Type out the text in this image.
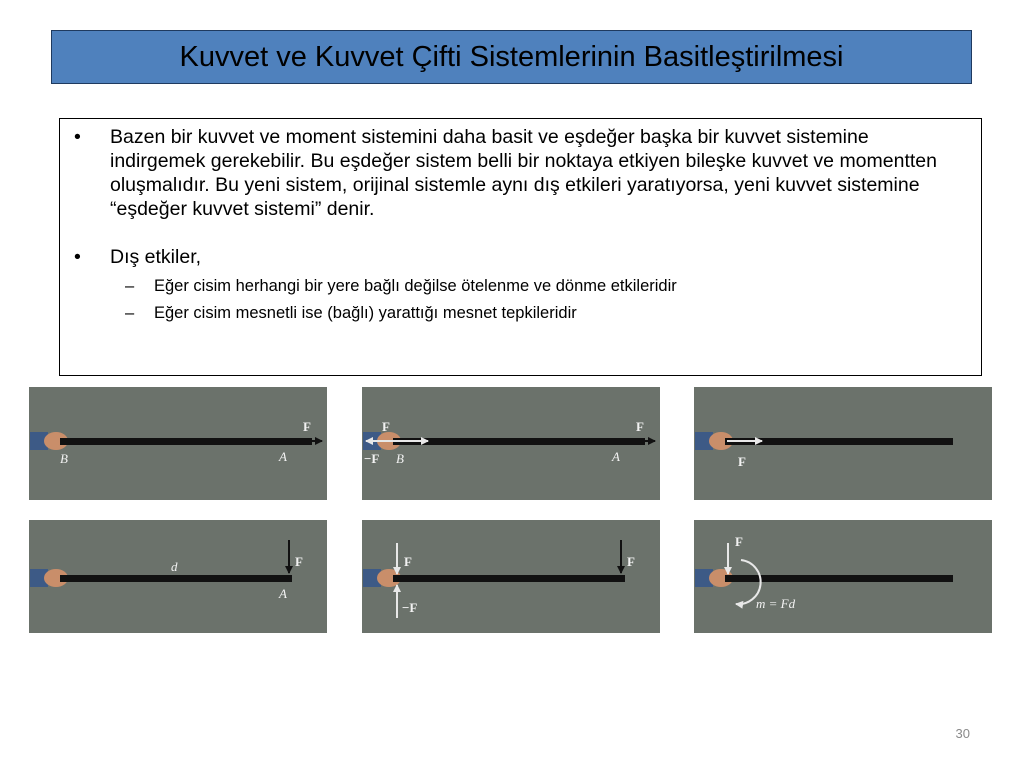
Kuvvet ve Kuvvet Çifti Sistemlerinin Basitleştirilmesi
•	Bazen bir kuvvet ve moment sistemini daha basit ve eşdeğer başka bir kuvvet sistemine indirgemek gerekebilir. Bu eşdeğer sistem belli bir noktaya etkiyen bileşke kuvvet ve momentten oluşmalıdır. Bu yeni sistem, orijinal sistemle aynı dış etkileri yaratıyorsa, yeni kuvvet sistemine “eşdeğer kuvvet sistemi” denir.
•	Dış etkiler,
– Eğer cisim herhangi bir yere bağlı değilse ötelenme ve dönme etkileridir
– Eğer cisim mesnetli ise (bağlı) yarattığı mesnet tepkileridir
F
B	A
F	F
−F B	A	F
F
d
A
F	F
−F
F
m = Fd
30
